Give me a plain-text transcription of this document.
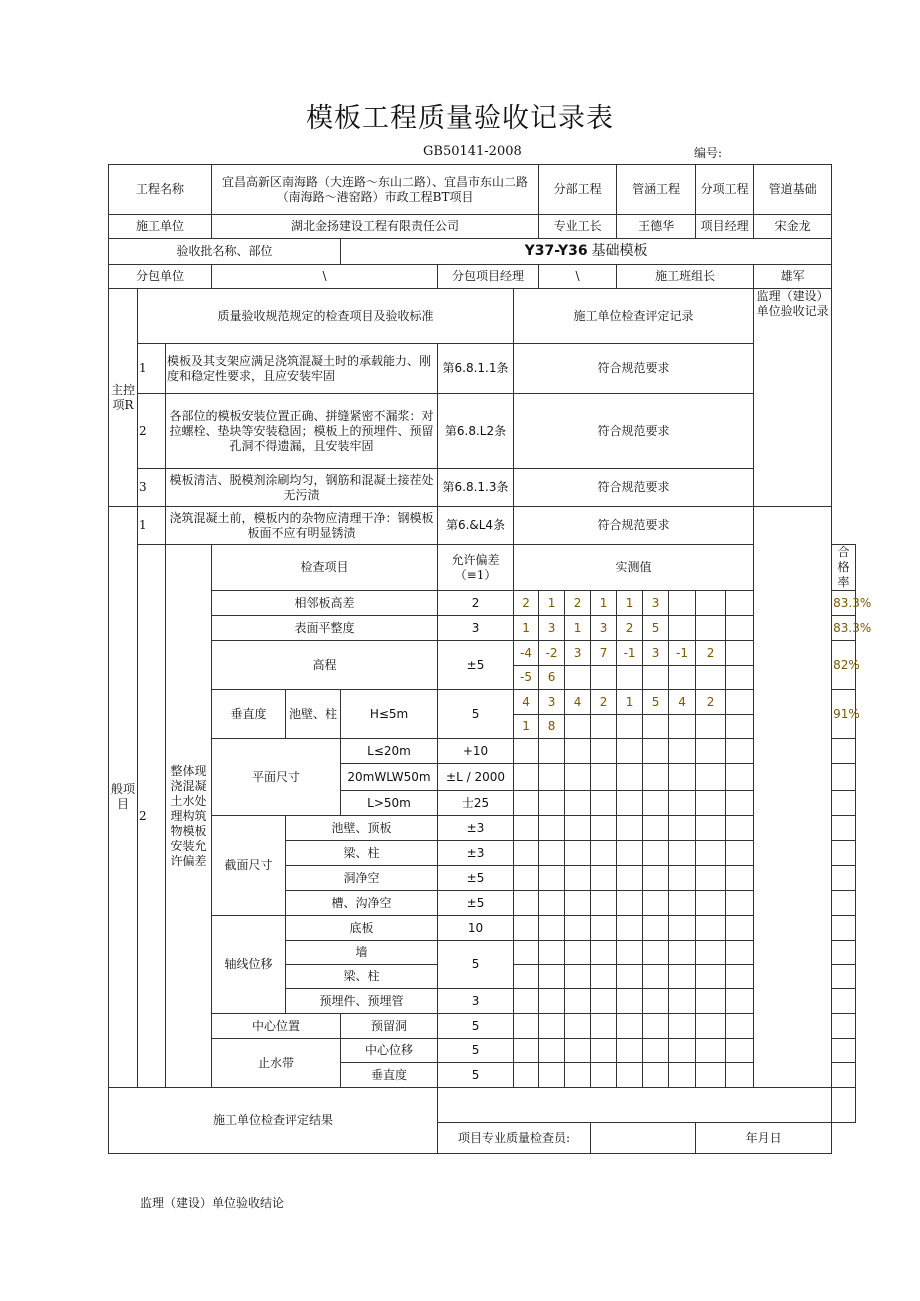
模板工程质量验收记录表
GB50141-2008	编号:
工程名称			宜昌高新区南海路（大连路～东山二路）、宜昌市东山二路（南海路～港窑路）市政工程BT项目					分部工程			管涵工程			分项工程		管道基础	
施工单位			湖北金扬建设工程有限责任公司					专业工长			王德华			项目经理		宋金龙	
验收批名称、部位					Y37-Y36 基础模板												
分包单位			\			分包项目经理		\			施工班组长					雄军	
主控项R	质量验收规范规定的检查项目及验收标准						施工单位检查评定记录									监理（建设）单位验收记录	
	1	模板及其支架应满足浇筑混凝土时的承载能力、刚度和稳定性要求，且应安装牢固				第6.8.1.1条	符合规范要求										
	2	各部位的模板安装位置正确、拼缝紧密不漏浆：对拉螺栓、垫块等安装稳固；模板上的预埋件、预留孔洞不得遗漏，且安装牢固				第6.8.L2条	符合规范要求										
	3	模板清洁、脱模剂涂刷均匀，钢筋和混凝土接茬处无污渍				第6.8.1.3条	符合规范要求										
般项目	1	浇筑混凝土前，模板内的杂物应清理干净：钢模板板面不应有明显锈渍				第6.&L4条	符合规范要求										
	2	整体现浇混凝土水处理构筑物模板安装允许偏差	检查项目			允许偏差（≡1）	实测值										合格率
			相邻板高差			2	2	1	2	1	1	3					83.3%
			表面平整度			3	1	3	1	3	2	5					83.3%
			高程			±5	-4	-2	3	7	-1	3	-1	2			82%
							-5	6									
			垂直度	池壁、柱	H≤5m	5	4	3	4	2	1	5	4	2			91%
							1	8									
			平面尺寸		L≤20m	+10											
					20mWLW50m	±L / 2000											
					L>50m	士25											
			截面尺寸	池壁、顶板		±3											
				梁、柱		±3											
				洞净空		±5											
				槽、沟净空		±5											
			轴线位移	底板		10											
				墙		5											
				梁、柱													
				预埋件、预埋管		3											
			中心位置		预留洞	5											
			止水带		中心位移	5											
					垂直度	5											
施工单位检查评定结果																	
						项目专业质量检查员:								年月日			
监理（建设）单位验收结论
